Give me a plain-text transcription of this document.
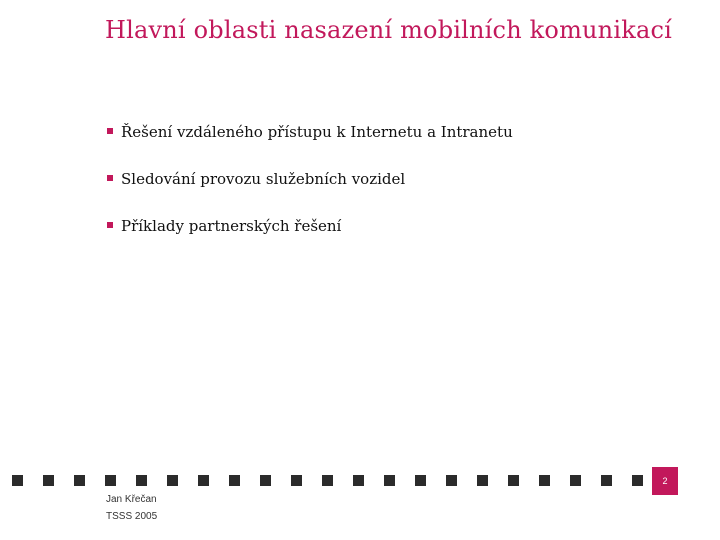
Hlavní oblasti nasazení mobilních komunikací
Řešení vzdáleného přístupu k Internetu a Intranetu
Sledování provozu služebních vozidel
Příklady partnerských řešení
2
Jan Křečan
TSSS 2005
